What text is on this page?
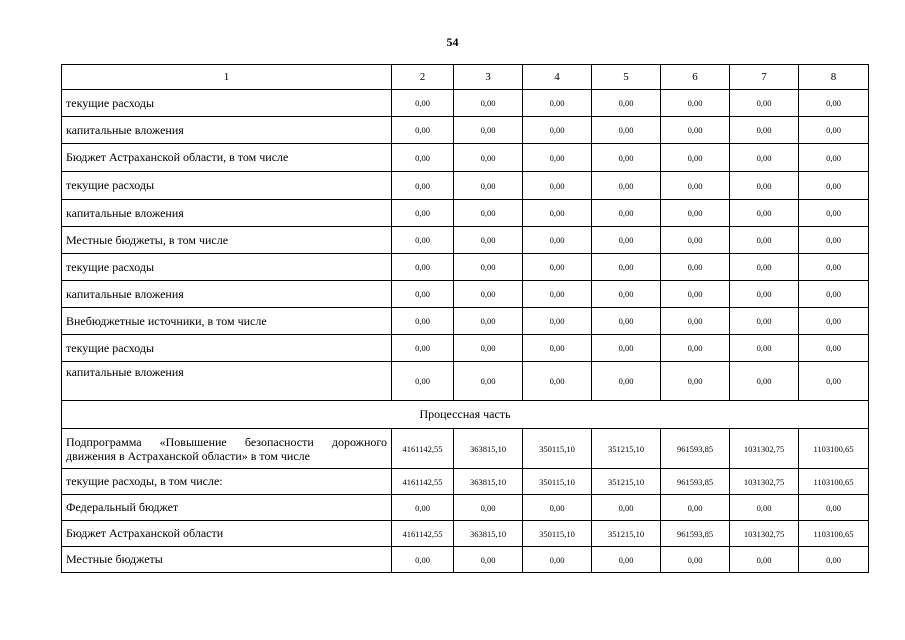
54
1	2	3	4	5	6	7	8
текущие расходы	0,00	0,00	0,00	0,00	0,00	0,00	0,00
капитальные вложения	0,00	0,00	0,00	0,00	0,00	0,00	0,00
Бюджет Астраханской области, в том числе	0,00	0,00	0,00	0,00	0,00	0,00	0,00
текущие расходы	0,00	0,00	0,00	0,00	0,00	0,00	0,00
капитальные вложения	0,00	0,00	0,00	0,00	0,00	0,00	0,00
Местные бюджеты, в том числе	0,00	0,00	0,00	0,00	0,00	0,00	0,00
текущие расходы	0,00	0,00	0,00	0,00	0,00	0,00	0,00
капитальные вложения	0,00	0,00	0,00	0,00	0,00	0,00	0,00
Внебюджетные источники, в том числе	0,00	0,00	0,00	0,00	0,00	0,00	0,00
текущие расходы	0,00	0,00	0,00	0,00	0,00	0,00	0,00
капитальные вложения	0,00	0,00	0,00	0,00	0,00	0,00	0,00
Процессная часть							
Подпрограмма «Повышение безопасности дорожного движения в Астраханской области» в том числе	4161142,55	363815,10	350115,10	351215,10	961593,85	1031302,75	1103100,65
текущие расходы, в том числе:	4161142,55	363815,10	350115,10	351215,10	961593,85	1031302,75	1103100,65
Федеральный бюджет	0,00	0,00	0,00	0,00	0,00	0,00	0,00
Бюджет Астраханской области	4161142,55	363815,10	350115,10	351215,10	961593,85	1031302,75	1103100,65
Местные бюджеты	0,00	0,00	0,00	0,00	0,00	0,00	0,00
